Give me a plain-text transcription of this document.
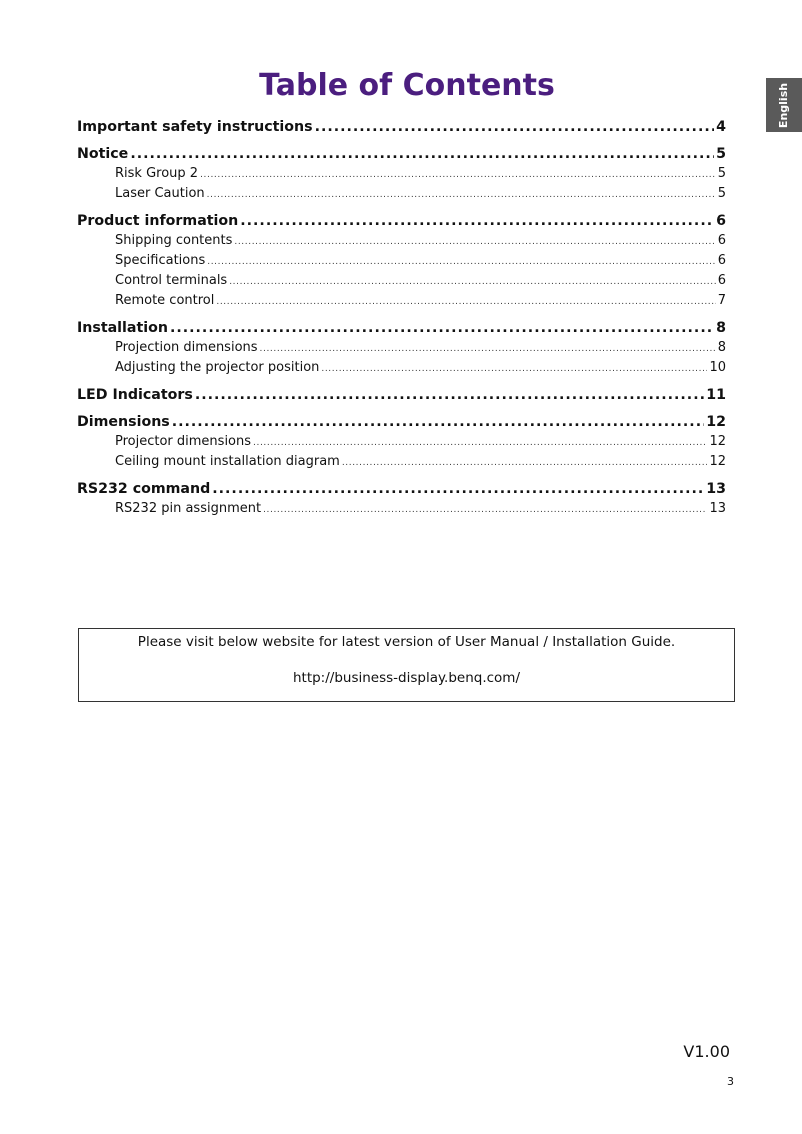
English
Table of Contents
Important safety instructions .....	4
Notice .....	5
Risk Group 2 .....	5
Laser Caution .....	5
Product information .....	6
Shipping contents .....	6
Specifications .....	6
Control terminals .....	6
Remote control .....	7
Installation .....	8
Projection dimensions .....	8
Adjusting the projector position .....	10
LED Indicators .....	11
Dimensions .....	12
Projector dimensions .....	12
Ceiling mount installation diagram .....	12
RS232 command .....	13
RS232 pin assignment .....	13
Please visit below website for latest version of User Manual / Installation Guide.
http://business-display.benq.com/
V1.00
3
